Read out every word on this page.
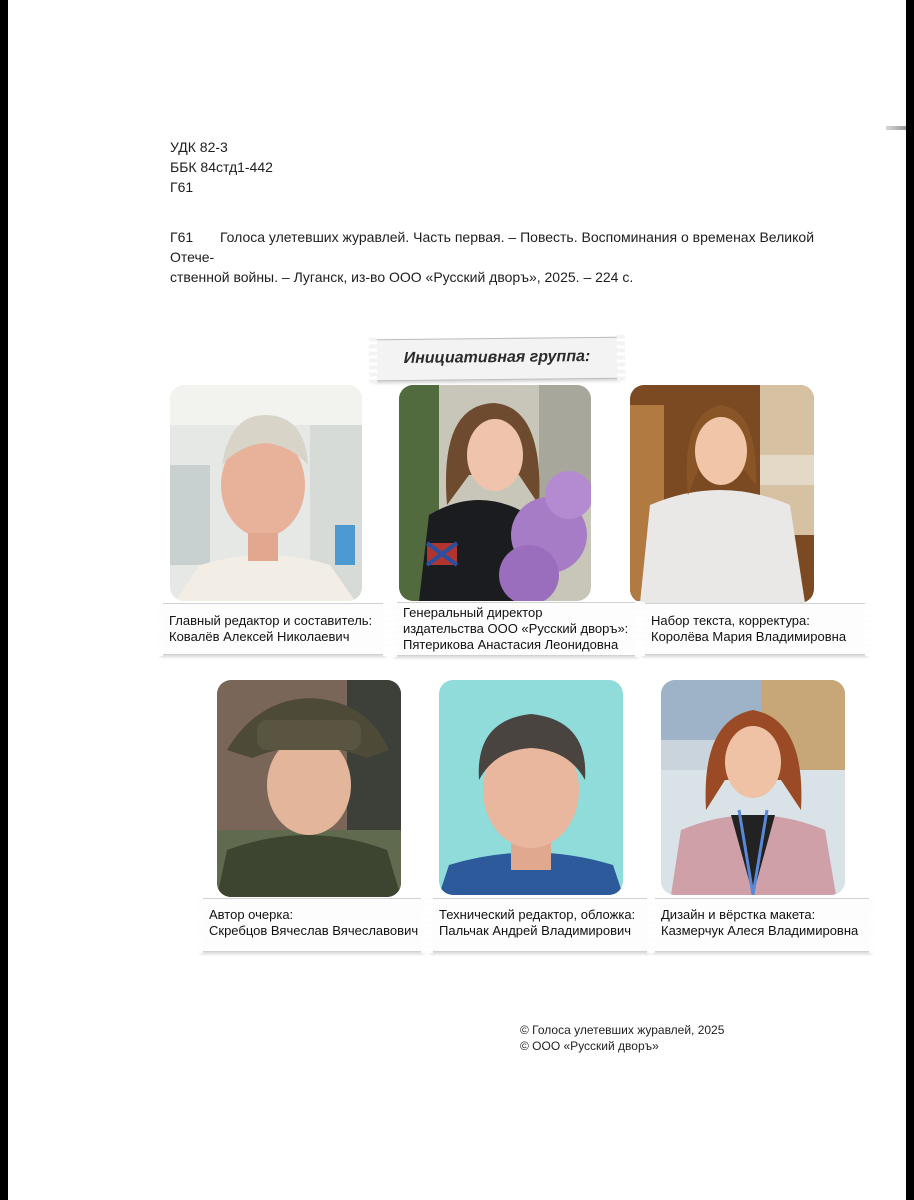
УДК 82-3
ББК 84стд1-442
Г61
Г61 Голоса улетевших журавлей. Часть первая. – Повесть. Воспоминания о временах Великой Отече-
ственной войны. – Луганск, из-во ООО «Русский дворъ», 2025. – 224 с.
Инициативная группа:
Главный редактор и составитель:
Ковалёв Алексей Николаевич
Генеральный директор
издательства ООО «Русский дворъ»:
Пятерикова Анастасия Леонидовна
Набор текста, корректура:
Королёва Мария Владимировна
Автор очерка:
Скребцов Вячеслав Вячеславович
Технический редактор, обложка:
Пальчак Андрей Владимирович
Дизайн и вёрстка макета:
Казмерчук Алеся Владимировна
© Голоса улетевших журавлей, 2025
© ООО «Русский дворъ»
